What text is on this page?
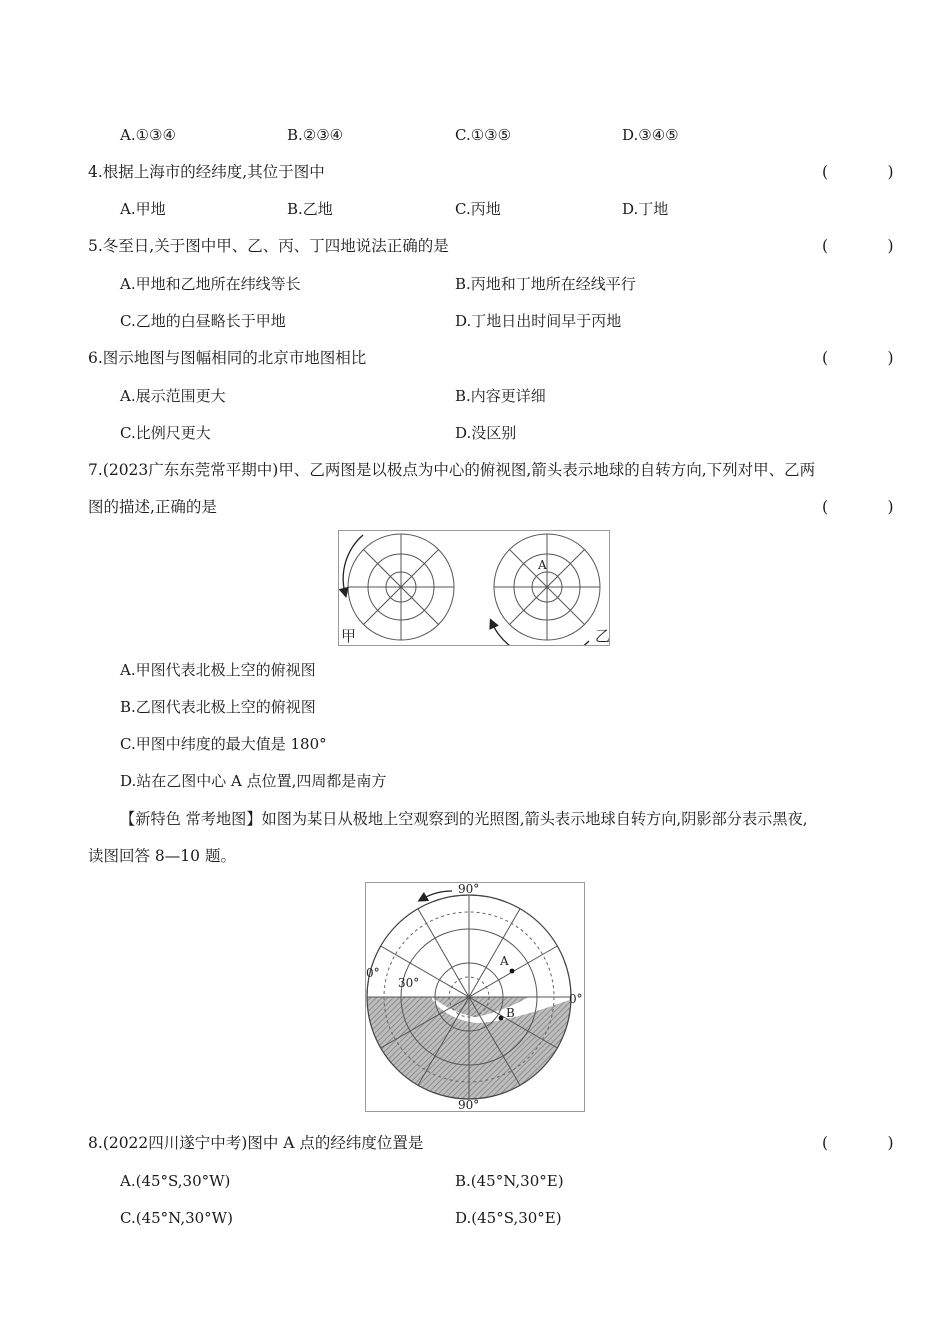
A.①③④	B.②③④	C.①③⑤	D.③④⑤
4.根据上海市的经纬度,其位于图中	(　)
A.甲地	B.乙地	C.丙地	D.丁地
5.冬至日,关于图中甲、乙、丙、丁四地说法正确的是	(　)
A.甲地和乙地所在纬线等长	B.丙地和丁地所在经线平行
C.乙地的白昼略长于甲地	D.丁地日出时间早于丙地
6.图示地图与图幅相同的北京市地图相比	(　)
A.展示范围更大	B.内容更详细
C.比例尺更大	D.没区别
7.(2023广东东莞常平期中)甲、乙两图是以极点为中心的俯视图,箭头表示地球的自转方向,下列对甲、乙两
图的描述,正确的是	(　)
甲
A
乙
A.甲图代表北极上空的俯视图
B.乙图代表北极上空的俯视图
C.甲图中纬度的最大值是 180°
D.站在乙图中心 A 点位置,四周都是南方
【新特色 常考地图】如图为某日从极地上空观察到的光照图,箭头表示地球自转方向,阴影部分表示黑夜,
读图回答 8—10 题。
90°
90°
0°
0°
30°
A
B
8.(2022四川遂宁中考)图中 A 点的经纬度位置是	(　)
A.(45°S,30°W)	B.(45°N,30°E)
C.(45°N,30°W)	D.(45°S,30°E)
